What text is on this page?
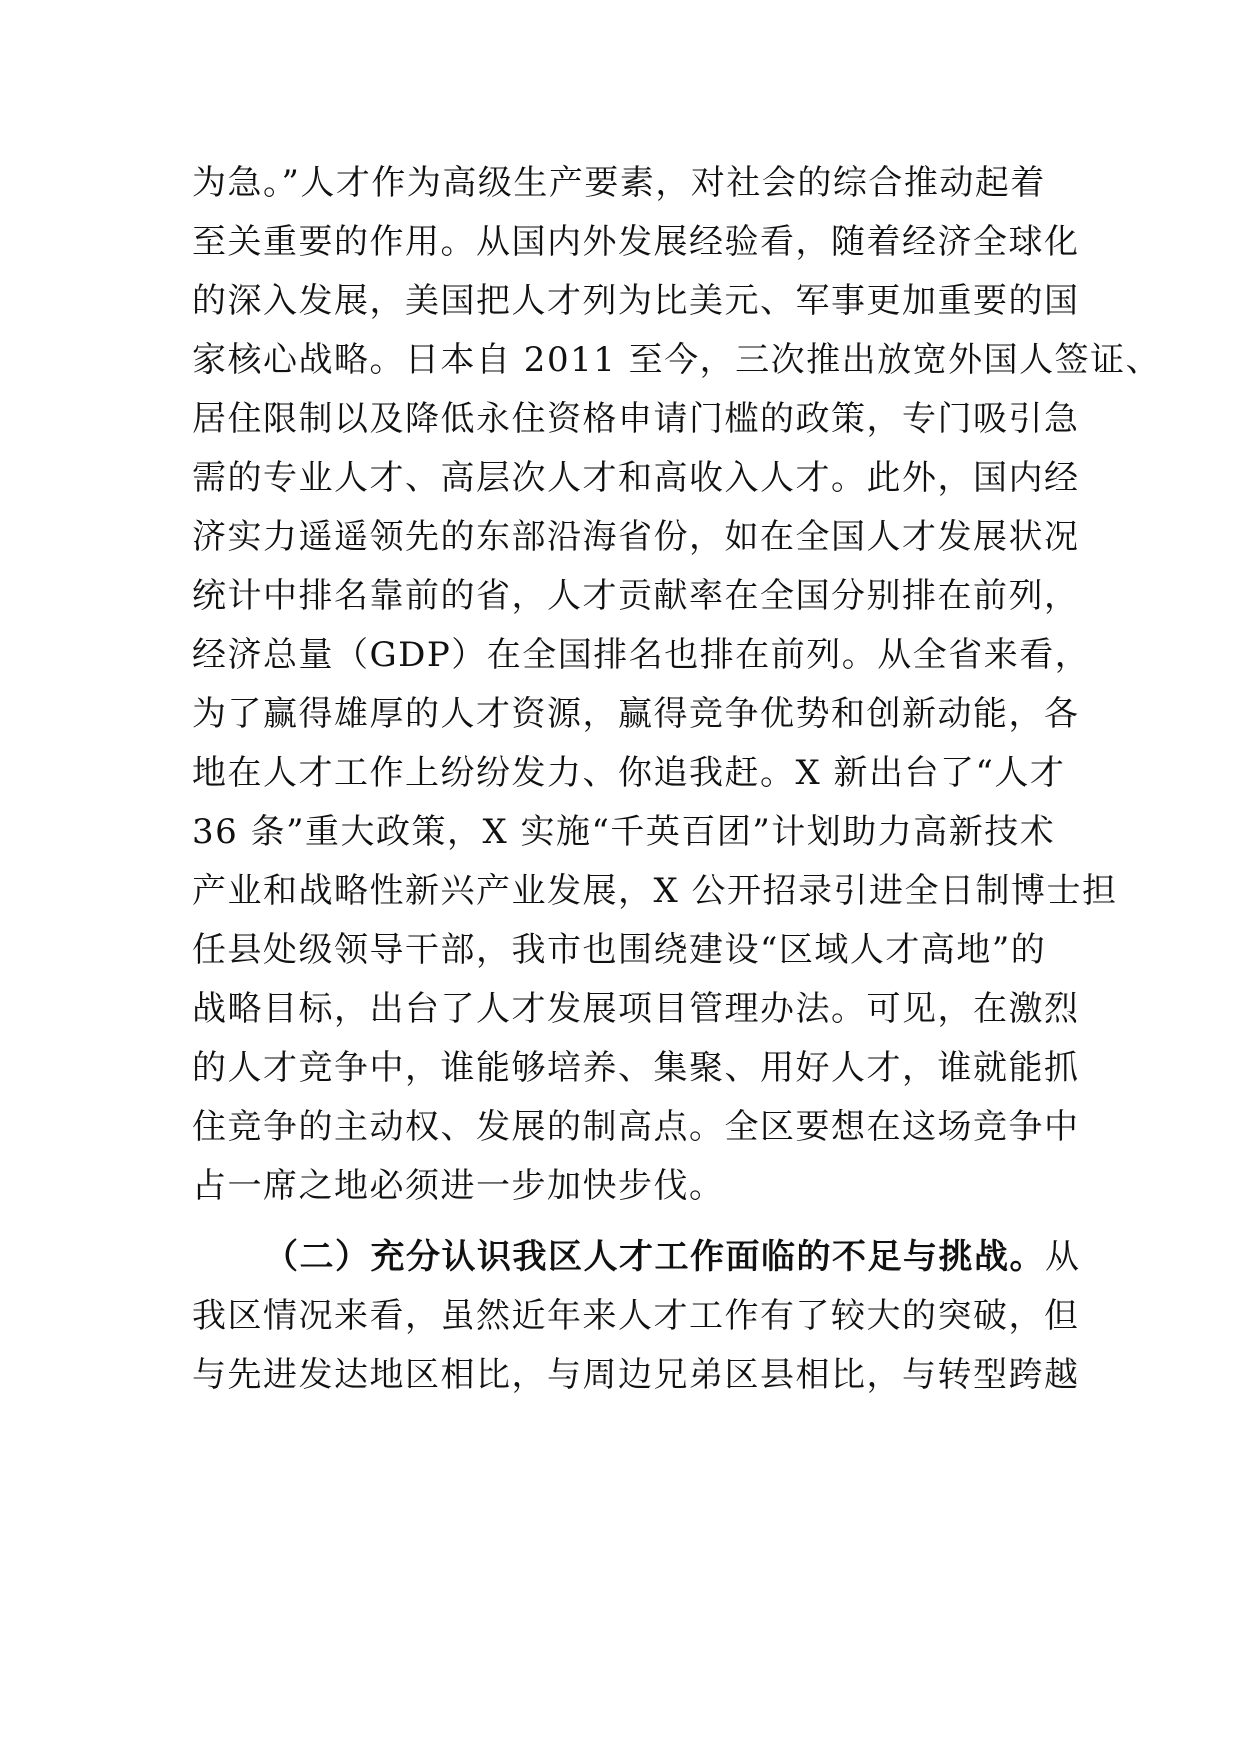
为急。”人才作为高级生产要素，对社会的综合推动起着

至关重要的作用。从国内外发展经验看，随着经济全球化

的深入发展，美国把人才列为比美元、军事更加重要的国

家核心战略。日本自 2011 至今，三次推出放宽外国人签证、

居住限制以及降低永住资格申请门槛的政策，专门吸引急

需的专业人才、高层次人才和高收入人才。此外，国内经

济实力遥遥领先的东部沿海省份，如在全国人才发展状况

统计中排名靠前的省，人才贡献率在全国分别排在前列，

经济总量（GDP）在全国排名也排在前列。从全省来看，

为了赢得雄厚的人才资源，赢得竞争优势和创新动能，各

地在人才工作上纷纷发力、你追我赶。X 新出台了“人才

36 条”重大政策，X 实施“千英百团”计划助力高新技术

产业和战略性新兴产业发展，X 公开招录引进全日制博士担

任县处级领导干部，我市也围绕建设“区域人才高地”的

战略目标，出台了人才发展项目管理办法。可见，在激烈

的人才竞争中，谁能够培养、集聚、用好人才，谁就能抓

住竞争的主动权、发展的制高点。全区要想在这场竞争中

占一席之地必须进一步加快步伐。

（二）充分认识我区人才工作面临的不足与挑战。从

我区情况来看，虽然近年来人才工作有了较大的突破，但

与先进发达地区相比，与周边兄弟区县相比，与转型跨越
